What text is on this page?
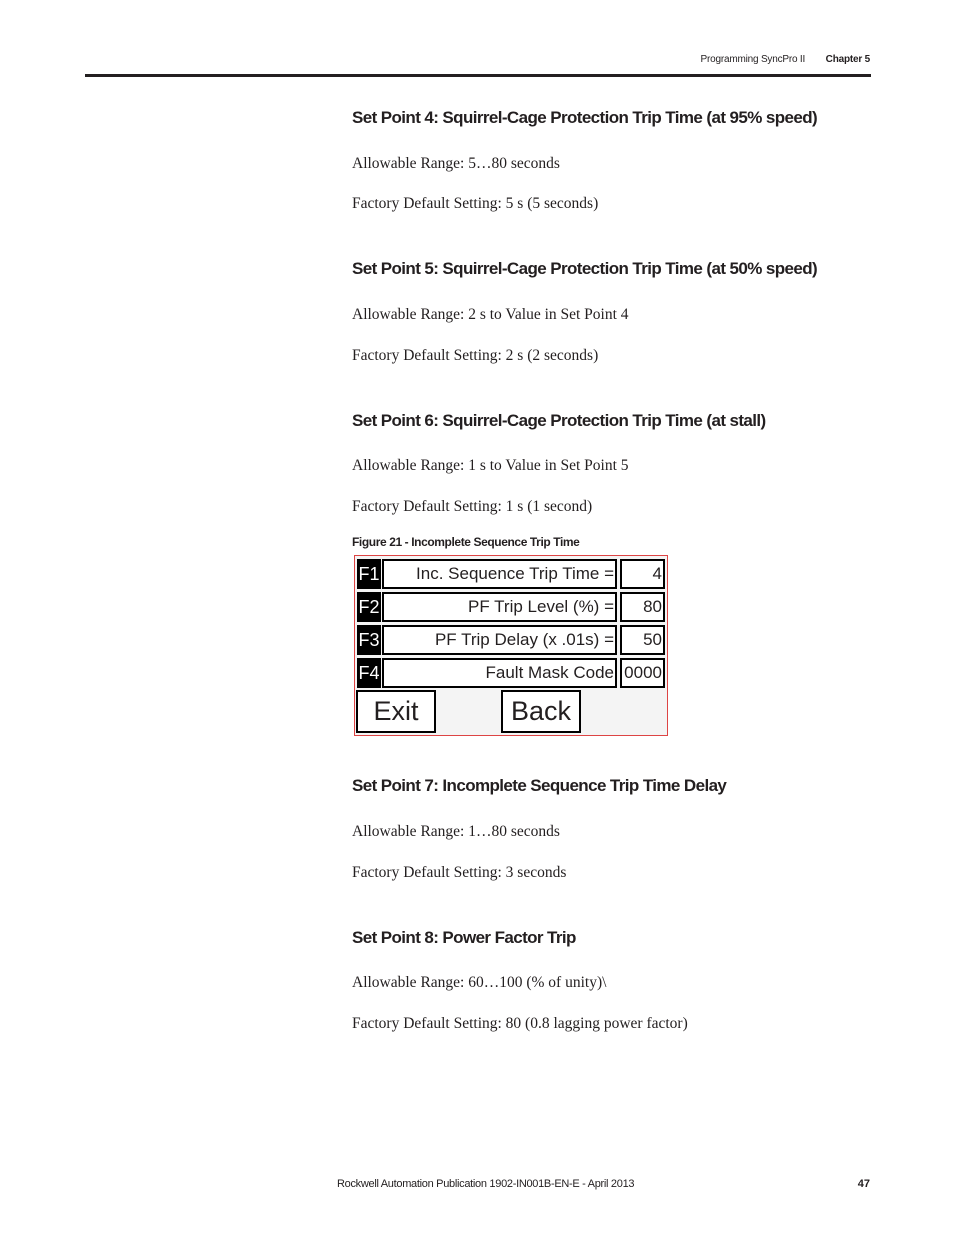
Programming SyncPro II Chapter 5
Set Point 4: Squirrel-Cage Protection Trip Time (at 95% speed)
Allowable Range: 5…80 seconds
Factory Default Setting: 5 s (5 seconds)
Set Point 5: Squirrel-Cage Protection Trip Time (at 50% speed)
Allowable Range: 2 s to Value in Set Point 4
Factory Default Setting: 2 s (2 seconds)
Set Point 6: Squirrel-Cage Protection Trip Time (at stall)
Allowable Range: 1 s to Value in Set Point 5
Factory Default Setting: 1 s (1 second)
Figure 21 - Incomplete Sequence Trip Time
F1	Inc. Sequence Trip Time =	4
F2	PF Trip Level (%) =	80
F3	PF Trip Delay (x .01s) =	50
F4	Fault Mask Code 0000
Exit	Back
Set Point 7: Incomplete Sequence Trip Time Delay
Allowable Range: 1…80 seconds
Factory Default Setting: 3 seconds
Set Point 8: Power Factor Trip
Allowable Range: 60…100 (% of unity)\
Factory Default Setting: 80 (0.8 lagging power factor)
Rockwell Automation Publication 1902-IN001B-EN-E - April 2013	47
